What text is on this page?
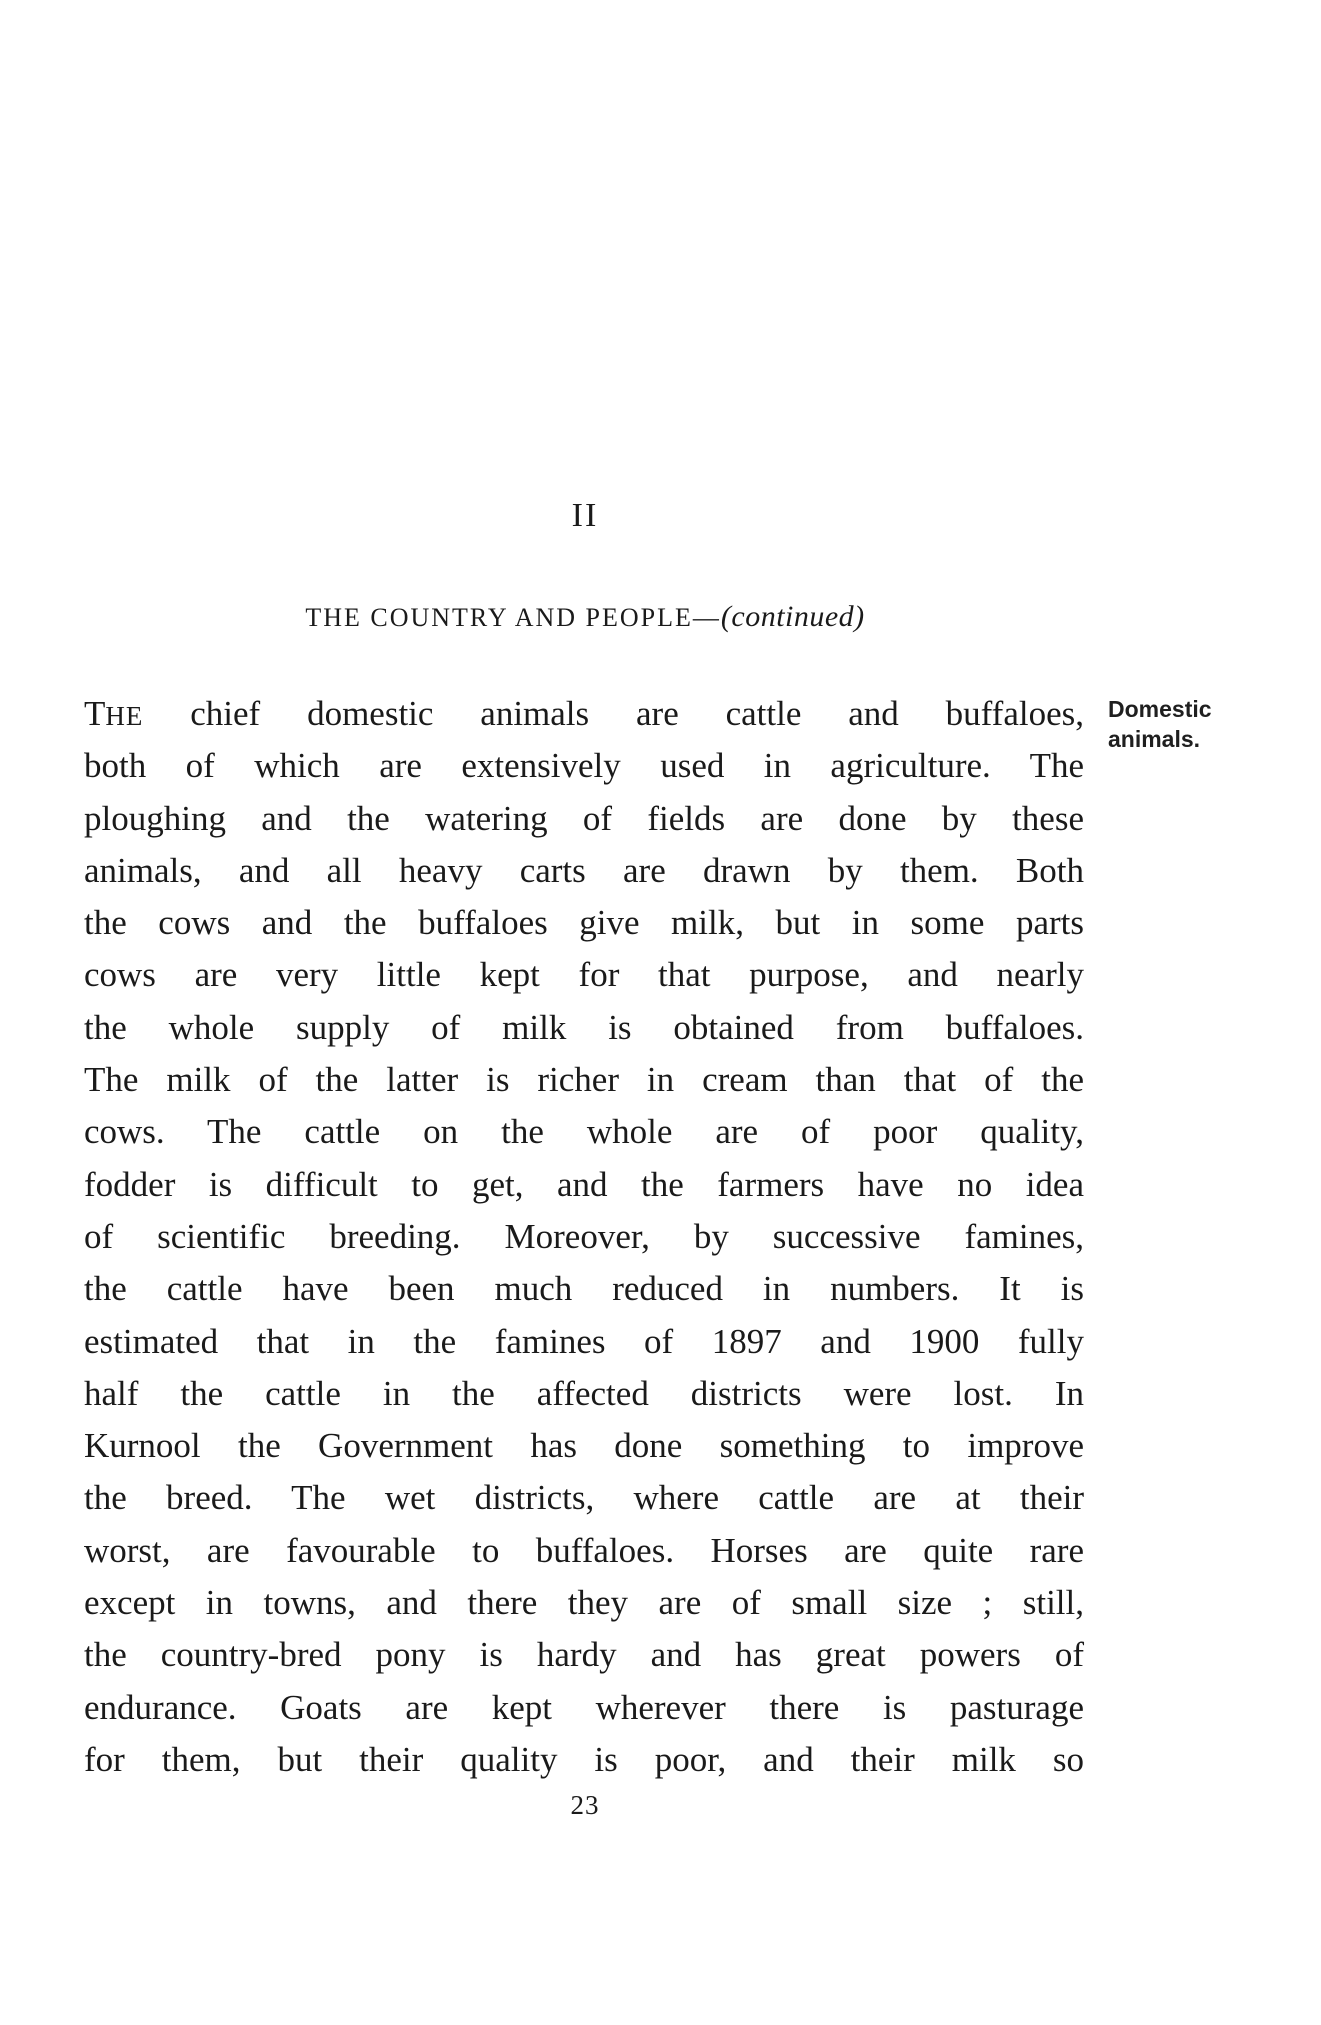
II
THE COUNTRY AND PEOPLE—(continued)
Domestic
animals.
THE chief domestic animals are cattle and buffaloes,
both of which are extensively used in agriculture. The
ploughing and the watering of fields are done by these
animals, and all heavy carts are drawn by them. Both
the cows and the buffaloes give milk, but in some parts
cows are very little kept for that purpose, and nearly
the whole supply of milk is obtained from buffaloes.
The milk of the latter is richer in cream than that of the
cows. The cattle on the whole are of poor quality,
fodder is difficult to get, and the farmers have no idea
of scientific breeding. Moreover, by successive famines,
the cattle have been much reduced in numbers. It is
estimated that in the famines of 1897 and 1900 fully
half the cattle in the affected districts were lost. In
Kurnool the Government has done something to improve
the breed. The wet districts, where cattle are at their
worst, are favourable to buffaloes. Horses are quite rare
except in towns, and there they are of small size ; still,
the country-bred pony is hardy and has great powers of
endurance. Goats are kept wherever there is pasturage
for them, but their quality is poor, and their milk so

23
